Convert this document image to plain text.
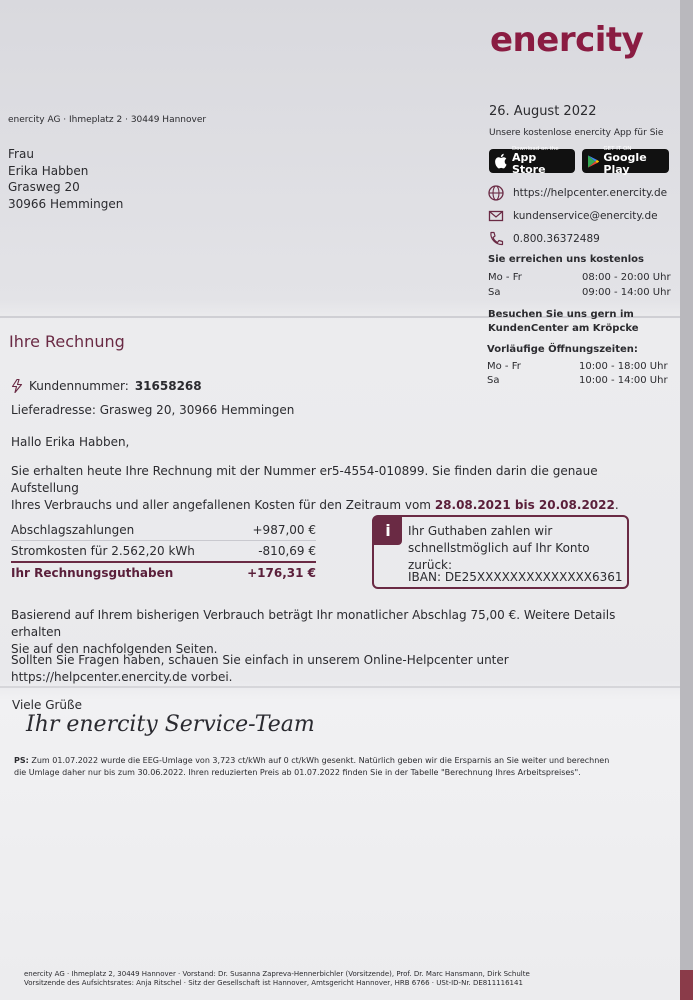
enercity
enercity AG · Ihmeplatz 2 · 30449 Hannover
Frau
Erika Habben
Grasweg 20
30966 Hemmingen
26. August 2022
Unsere kostenlose enercity App für Sie
Download on the
App Store
GET IT ON
Google Play
https://helpcenter.enercity.de
kundenservice@enercity.de
0.800.36372489
Sie erreichen uns kostenlos
Mo - Fr	08:00 - 20:00 Uhr
Sa	09:00 - 14:00 Uhr
Besuchen Sie uns gern im
KundenCenter am Kröpcke
Vorläufige Öffnungszeiten:
Mo - Fr	10:00 - 18:00 Uhr
Sa	10:00 - 14:00 Uhr
Ihre Rechnung
Kundennummer: 31658268
Lieferadresse: Grasweg 20, 30966 Hemmingen
Hallo Erika Habben,
Sie erhalten heute Ihre Rechnung mit der Nummer er5-4554-010899. Sie finden darin die genaue Aufstellung
Ihres Verbrauchs und aller angefallenen Kosten für den Zeitraum vom 28.08.2021 bis 20.08.2022.
Abschlagszahlungen	+987,00 €
Stromkosten für 2.562,20 kWh	-810,69 €
Ihr Rechnungsguthaben	+176,31 €
i	Ihr Guthaben zahlen wir
schnellstmöglich auf Ihr Konto zurück:
IBAN: DE25XXXXXXXXXXXXXX6361
Basierend auf Ihrem bisherigen Verbrauch beträgt Ihr monatlicher Abschlag 75,00 €. Weitere Details erhalten
Sie auf den nachfolgenden Seiten.
Sollten Sie Fragen haben, schauen Sie einfach in unserem Online-Helpcenter unter
https://helpcenter.enercity.de vorbei.
Viele Grüße
Ihr enercity Service-Team
PS: Zum 01.07.2022 wurde die EEG-Umlage von 3,723 ct/kWh auf 0 ct/kWh gesenkt. Natürlich geben wir die Ersparnis an Sie weiter und berechnen
die Umlage daher nur bis zum 30.06.2022. Ihren reduzierten Preis ab 01.07.2022 finden Sie in der Tabelle "Berechnung Ihres Arbeitspreises".
enercity AG · Ihmeplatz 2, 30449 Hannover · Vorstand: Dr. Susanna Zapreva-Hennerbichler (Vorsitzende), Prof. Dr. Marc Hansmann, Dirk Schulte
Vorsitzende des Aufsichtsrates: Anja Ritschel · Sitz der Gesellschaft ist Hannover, Amtsgericht Hannover, HRB 6766 · USt-ID-Nr. DE811116141
